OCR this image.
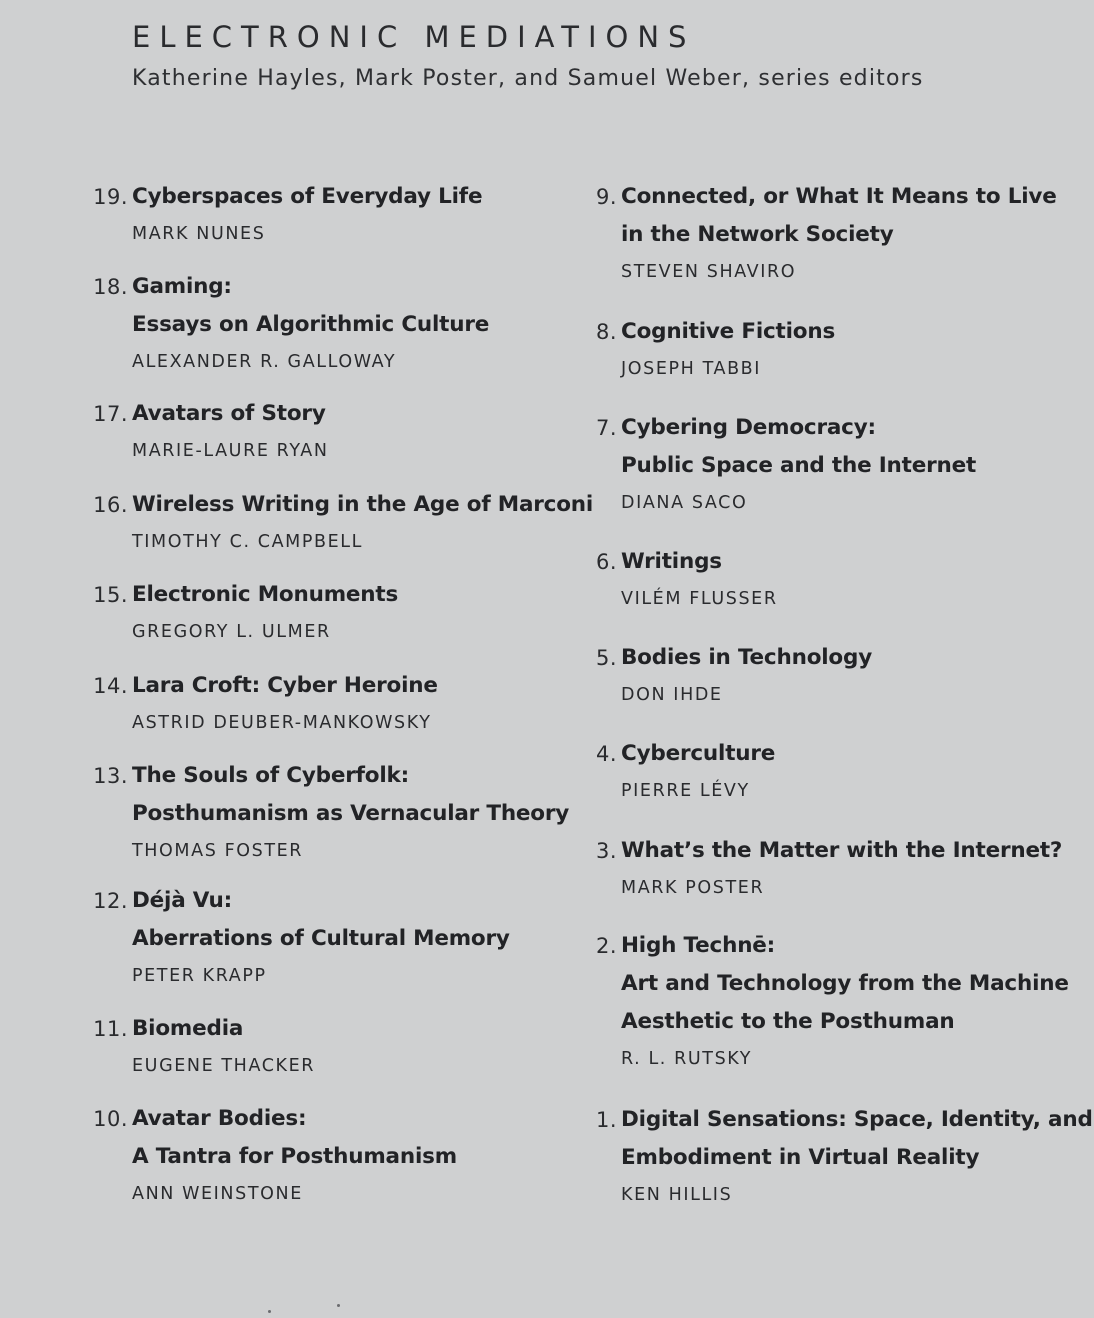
ELECTRONIC MEDIATIONS
Katherine Hayles, Mark Poster, and Samuel Weber, series editors
19. Cyberspaces of Everyday Life
MARK NUNES
18. Gaming:
Essays on Algorithmic Culture
ALEXANDER R. GALLOWAY
17. Avatars of Story
MARIE-LAURE RYAN
16. Wireless Writing in the Age of Marconi
TIMOTHY C. CAMPBELL
15. Electronic Monuments
GREGORY L. ULMER
14. Lara Croft: Cyber Heroine
ASTRID DEUBER-MANKOWSKY
13. The Souls of Cyberfolk:
Posthumanism as Vernacular Theory
THOMAS FOSTER
12. Déjà Vu:
Aberrations of Cultural Memory
PETER KRAPP
11. Biomedia
EUGENE THACKER
10. Avatar Bodies:
A Tantra for Posthumanism
ANN WEINSTONE
9. Connected, or What It Means to Live
in the Network Society
STEVEN SHAVIRO
8. Cognitive Fictions
JOSEPH TABBI
7. Cybering Democracy:
Public Space and the Internet
DIANA SACO
6. Writings
VILÉM FLUSSER
5. Bodies in Technology
DON IHDE
4. Cyberculture
PIERRE LÉVY
3. What’s the Matter with the Internet?
MARK POSTER
2. High Technē:
Art and Technology from the Machine
Aesthetic to the Posthuman
R. L. RUTSKY
1. Digital Sensations: Space, Identity, and
Embodiment in Virtual Reality
KEN HILLIS
